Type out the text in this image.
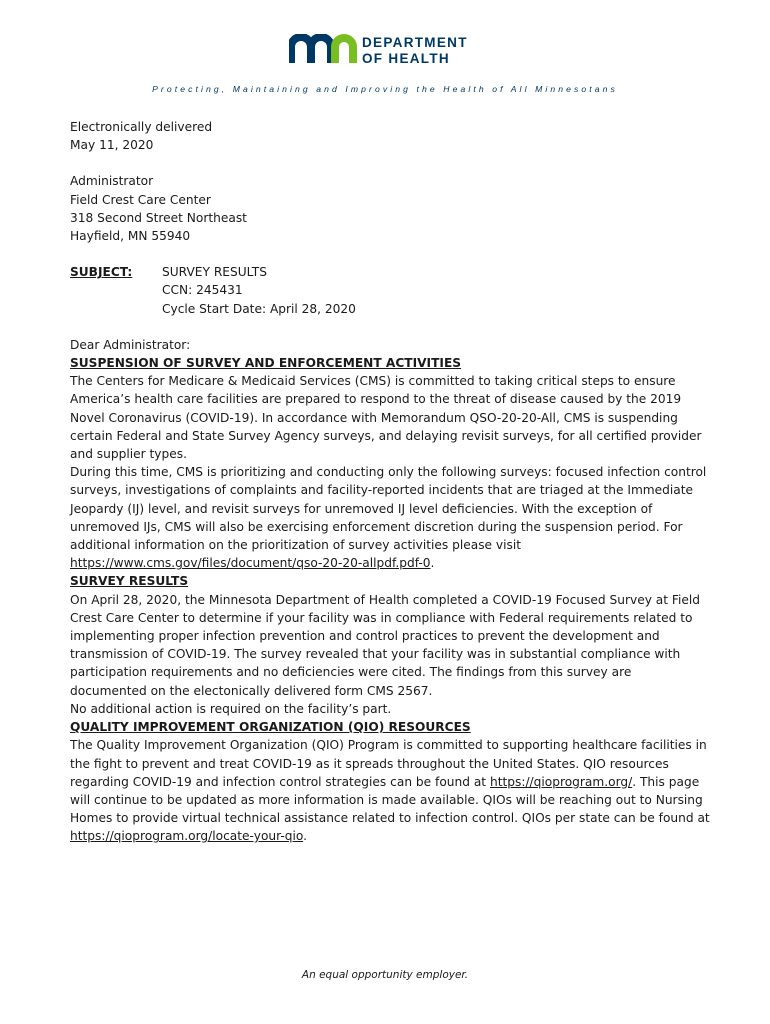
DEPARTMENT
OF HEALTH
Protecting, Maintaining and Improving the Health of All Minnesotans

Electronically delivered

May 11, 2020

Administrator

Field Crest Care Center

318 Second Street Northeast

Hayfield, MN 55940

SUBJECT:	SURVEY RESULTS

CCN: 245431

Cycle Start Date: April 28, 2020

Dear Administrator:

SUSPENSION OF SURVEY AND ENFORCEMENT ACTIVITIES

The Centers for Medicare & Medicaid Services (CMS) is committed to taking critical steps to ensure America’s health care facilities are prepared to respond to the threat of disease caused by the 2019 Novel Coronavirus (COVID-19). In accordance with Memorandum QSO-20-20-All, CMS is suspending certain Federal and State Survey Agency surveys, and delaying revisit surveys, for all certified provider and supplier types.

During this time, CMS is prioritizing and conducting only the following surveys: focused infection control surveys, investigations of complaints and facility-reported incidents that are triaged at the Immediate Jeopardy (IJ) level, and revisit surveys for unremoved IJ level deficiencies. With the exception of unremoved IJs, CMS will also be exercising enforcement discretion during the suspension period. For additional information on the prioritization of survey activities please visit https://www.cms.gov/files/document/qso-20-20-allpdf.pdf-0.

SURVEY RESULTS

On April 28, 2020, the Minnesota Department of Health completed a COVID-19 Focused Survey at Field Crest Care Center to determine if your facility was in compliance with Federal requirements related to implementing proper infection prevention and control practices to prevent the development and transmission of COVID-19. The survey revealed that your facility was in substantial compliance with participation requirements and no deficiencies were cited. The findings from this survey are documented on the electonically delivered form CMS 2567.

No additional action is required on the facility’s part.

QUALITY IMPROVEMENT ORGANIZATION (QIO) RESOURCES

The Quality Improvement Organization (QIO) Program is committed to supporting healthcare facilities in the fight to prevent and treat COVID-19 as it spreads throughout the United States. QIO resources regarding COVID-19 and infection control strategies can be found at https://qioprogram.org/. This page will continue to be updated as more information is made available. QIOs will be reaching out to Nursing Homes to provide virtual technical assistance related to infection control. QIOs per state can be found at https://qioprogram.org/locate-your-qio.

An equal opportunity employer.
